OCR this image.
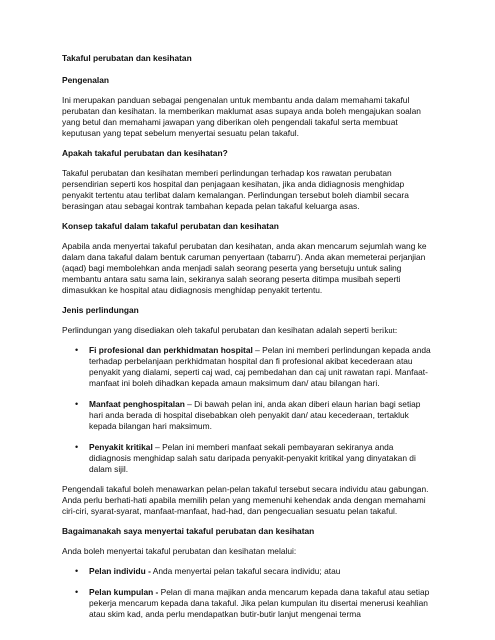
Takaful perubatan dan kesihatan

Pengenalan

Ini merupakan panduan sebagai pengenalan untuk membantu anda dalam memahami takaful perubatan dan kesihatan. Ia memberikan maklumat asas supaya anda boleh mengajukan soalan yang betul dan memahami jawapan yang diberikan oleh pengendali takaful serta membuat keputusan yang tepat sebelum menyertai sesuatu pelan takaful.

Apakah takaful perubatan dan kesihatan?

Takaful perubatan dan kesihatan memberi perlindungan terhadap kos rawatan perubatan persendirian seperti kos hospital dan penjagaan kesihatan, jika anda didiagnosis menghidap penyakit tertentu atau terlibat dalam kemalangan. Perlindungan tersebut boleh diambil secara berasingan atau sebagai kontrak tambahan kepada pelan takaful keluarga asas.

Konsep takaful dalam takaful perubatan dan kesihatan

Apabila anda menyertai takaful perubatan dan kesihatan, anda akan mencarum sejumlah wang ke dalam dana takaful dalam bentuk caruman penyertaan (tabarru'). Anda akan memeterai perjanjian (aqad) bagi membolehkan anda menjadi salah seorang peserta yang bersetuju untuk saling membantu antara satu sama lain, sekiranya salah seorang peserta ditimpa musibah seperti dimasukkan ke hospital atau didiagnosis menghidap penyakit tertentu.

Jenis perlindungan

Perlindungan yang disediakan oleh takaful perubatan dan kesihatan adalah seperti berikut:

• Fi profesional dan perkhidmatan hospital – Pelan ini memberi perlindungan kepada anda terhadap perbelanjaan perkhidmatan hospital dan fi profesional akibat kecederaan atau penyakit yang dialami, seperti caj wad, caj pembedahan dan caj unit rawatan rapi. Manfaat-manfaat ini boleh dihadkan kepada amaun maksimum dan/ atau bilangan hari.
• Manfaat penghospitalan – Di bawah pelan ini, anda akan diberi elaun harian bagi setiap hari anda berada di hospital disebabkan oleh penyakit dan/ atau kecederaan, tertakluk kepada bilangan hari maksimum.
• Penyakit kritikal – Pelan ini memberi manfaat sekali pembayaran sekiranya anda didiagnosis menghidap salah satu daripada penyakit-penyakit kritikal yang dinyatakan di dalam sijil.

Pengendali takaful boleh menawarkan pelan-pelan takaful tersebut secara individu atau gabungan. Anda perlu berhati-hati apabila memilih pelan yang memenuhi kehendak anda dengan memahami ciri-ciri, syarat-syarat, manfaat-manfaat, had-had, dan pengecualian sesuatu pelan takaful.

Bagaimanakah saya menyertai takaful perubatan dan kesihatan

Anda boleh menyertai takaful perubatan dan kesihatan melalui:

• Pelan individu - Anda menyertai pelan takaful secara individu; atau
• Pelan kumpulan - Pelan di mana majikan anda mencarum kepada dana takaful atau setiap pekerja mencarum kepada dana takaful. Jika pelan kumpulan itu disertai menerusi keahlian atau skim kad, anda perlu mendapatkan butir-butir lanjut mengenai terma
